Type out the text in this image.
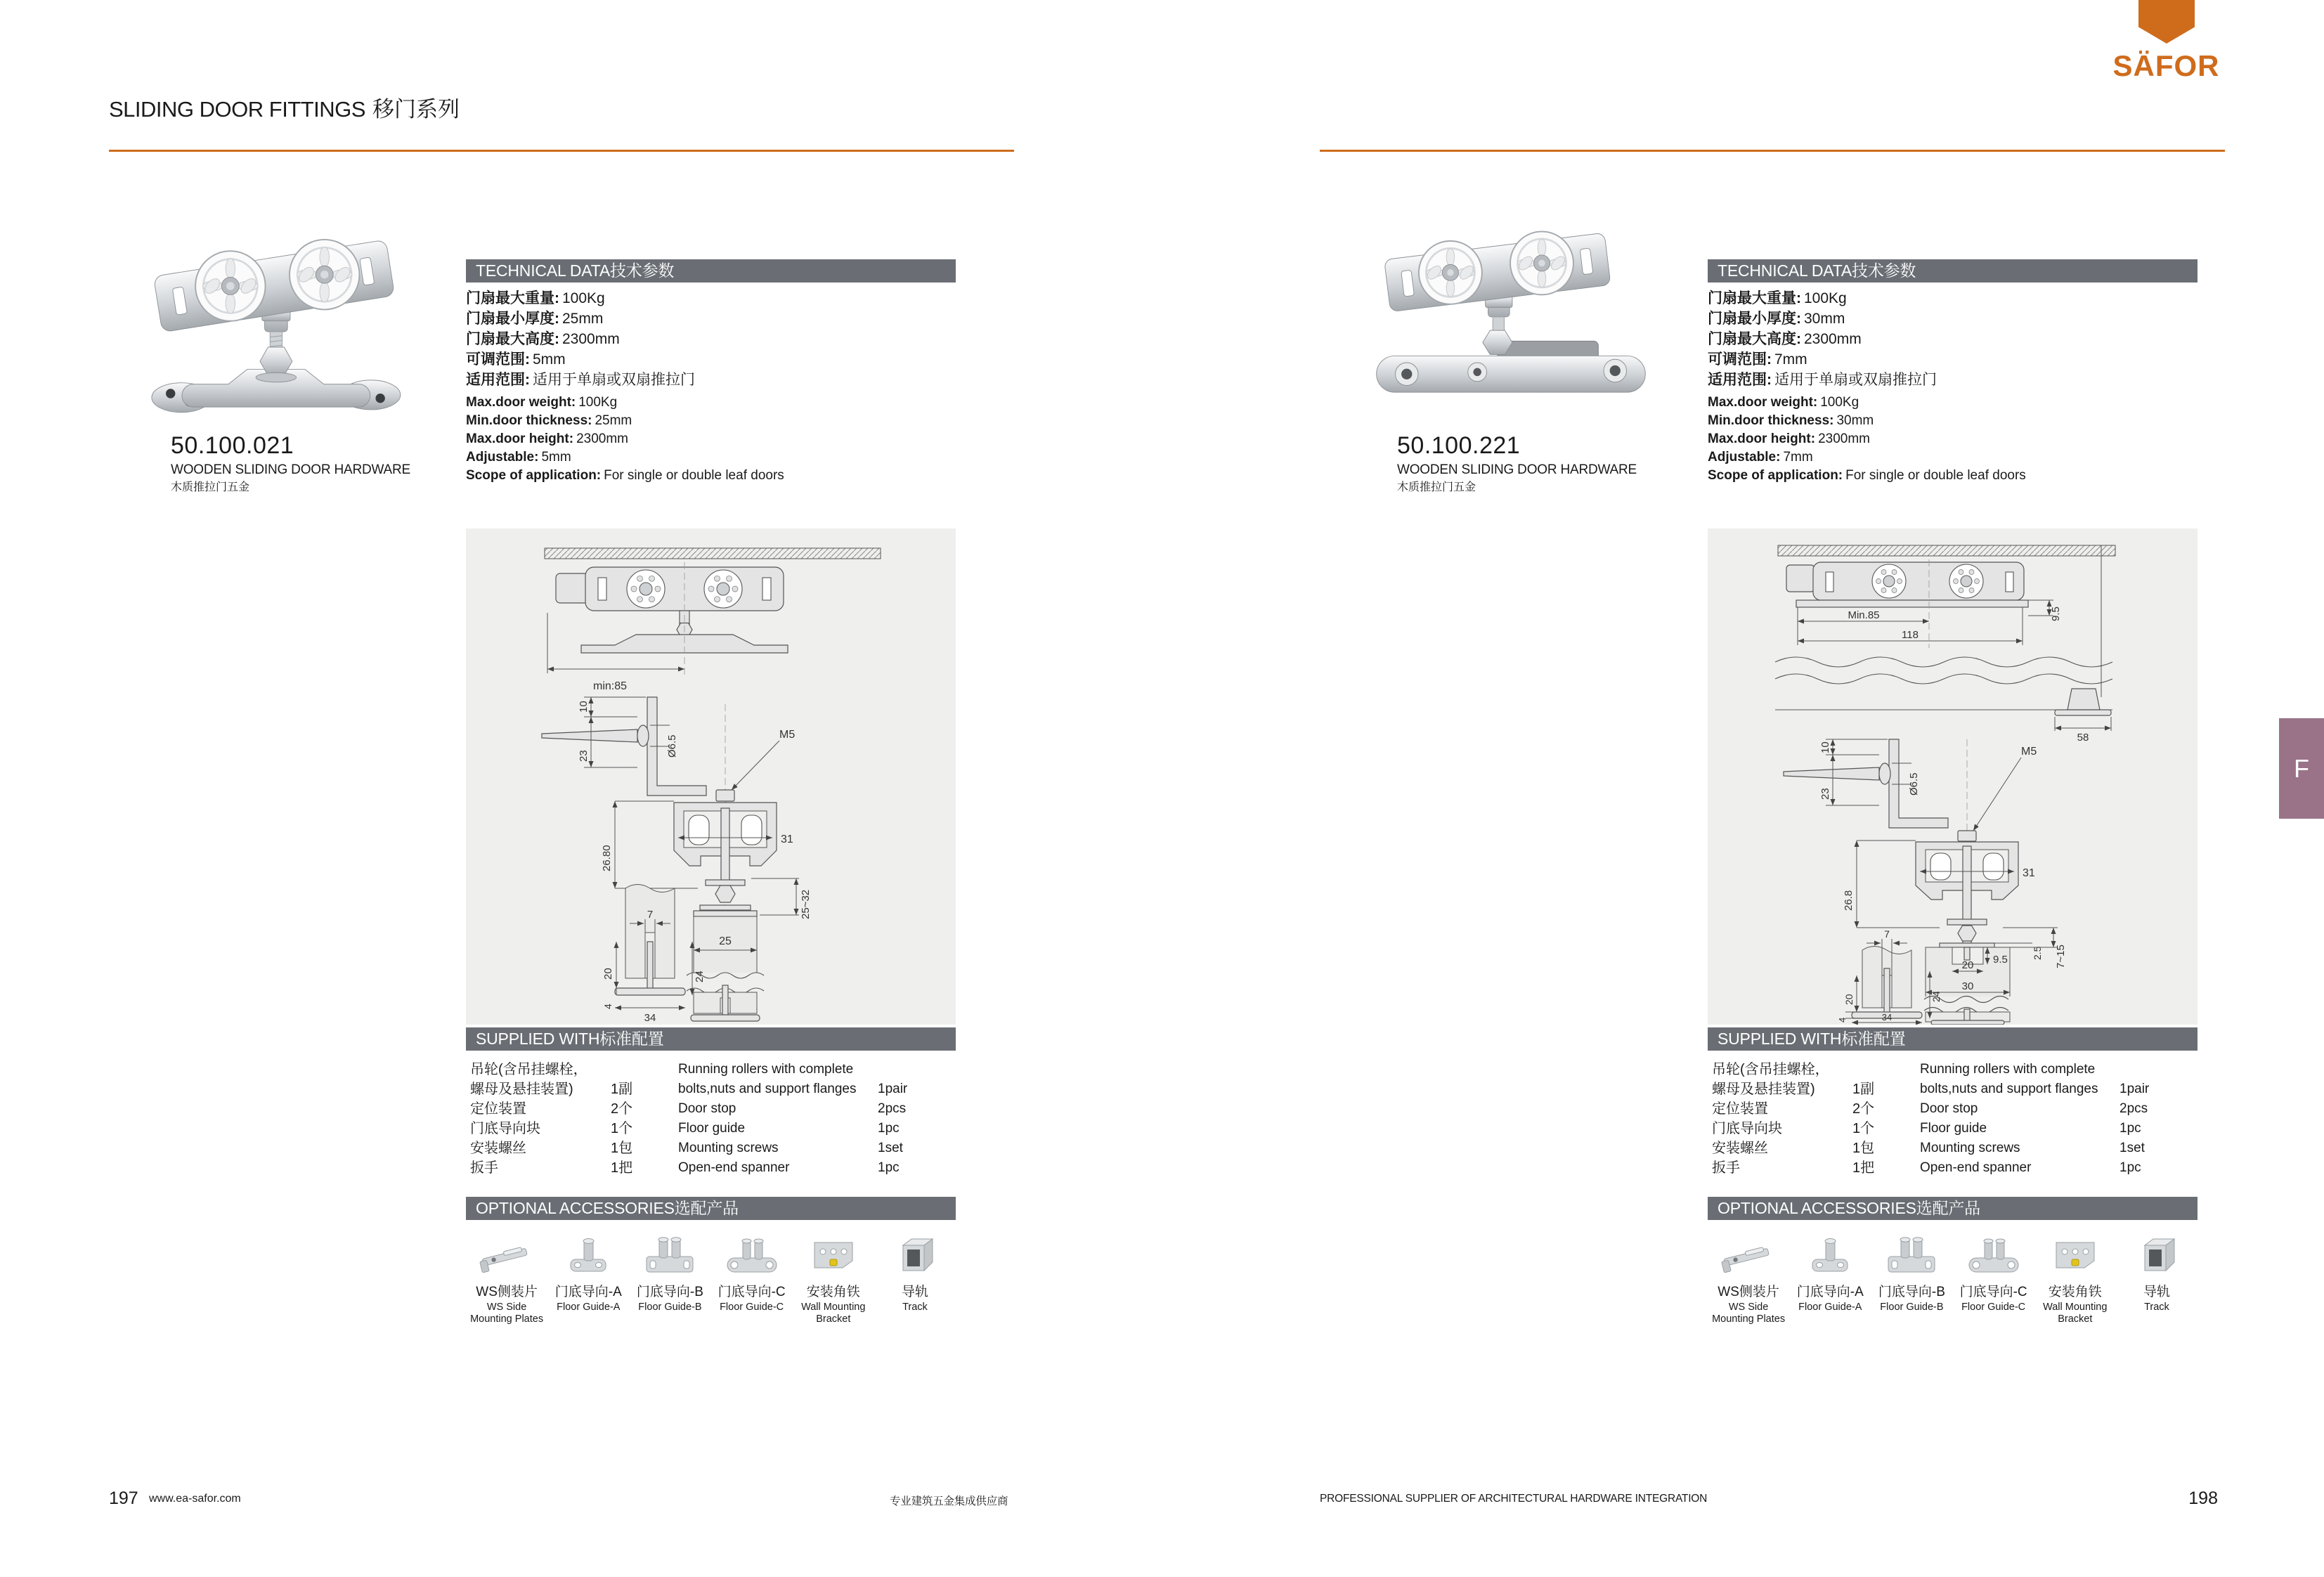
SLIDING DOOR FITTINGS 移门系列
SÄFOR
F
50.100.021
WOODEN SLIDING DOOR HARDWARE
木质推拉门五金
50.100.221
WOODEN SLIDING DOOR HARDWARE
木质推拉门五金
TECHNICAL DATA技术参数
门扇最大重量: 100Kg
门扇最小厚度: 25mm
门扇最大高度: 2300mm
可调范围: 5mm
适用范围: 适用于单扇或双扇推拉门
Max.door weight: 100Kg
Min.door thickness: 25mm
Max.door height: 2300mm
Adjustable: 5mm
Scope of application: For single or double leaf doors
min:85
10
23	Ø6.5	M5
31
26.80
25~32
25
7
20
4
24
34
TECHNICAL DATA技术参数
门扇最大重量: 100Kg
门扇最小厚度: 30mm
门扇最大高度: 2300mm
可调范围: 7mm
适用范围: 适用于单扇或双扇推拉门
Max.door weight: 100Kg
Min.door thickness: 30mm
Max.door height: 2300mm
Adjustable: 7mm
Scope of application: For single or double leaf doors
9.5
Min.85
118
58
10
23	Ø6.5
M5
31
26.8
2.5 7~15
9.5
20
30
7
20
4
24
34
SUPPLIED WITH标准配置
吊轮(含吊挂螺栓，	Running rollers with complete
螺母及悬挂装置)	1副	bolts,nuts and support flanges	1pair
定位装置	2个	Door stop	2pcs
门底导向块	1个	Floor guide	1pc
安装螺丝	1包	Mounting screws	1set
扳手	1把	Open-end spanner	1pc
SUPPLIED WITH标准配置
吊轮(含吊挂螺栓，	Running rollers with complete
螺母及悬挂装置)	1副	bolts,nuts and support flanges	1pair
定位装置	2个	Door stop	2pcs
门底导向块	1个	Floor guide	1pc
安装螺丝	1包	Mounting screws	1set
扳手	1把	Open-end spanner	1pc
OPTIONAL ACCESSORIES选配产品
WS侧装片
WS Side Mounting Plates
门底导向-A
Floor Guide-A
门底导向-B
Floor Guide-B
门底导向-C
Floor Guide-C
安装角铁
Wall Mounting Bracket
导轨
Track
OPTIONAL ACCESSORIES选配产品
WS侧装片
WS Side Mounting Plates
门底导向-A
Floor Guide-A
门底导向-B
Floor Guide-B
门底导向-C
Floor Guide-C
安装角铁
Wall Mounting Bracket
导轨
Track
197 www.ea-safor.com	专业建筑五金集成供应商	PROFESSIONAL SUPPLIER OF ARCHITECTURAL HARDWARE INTEGRATION	198
